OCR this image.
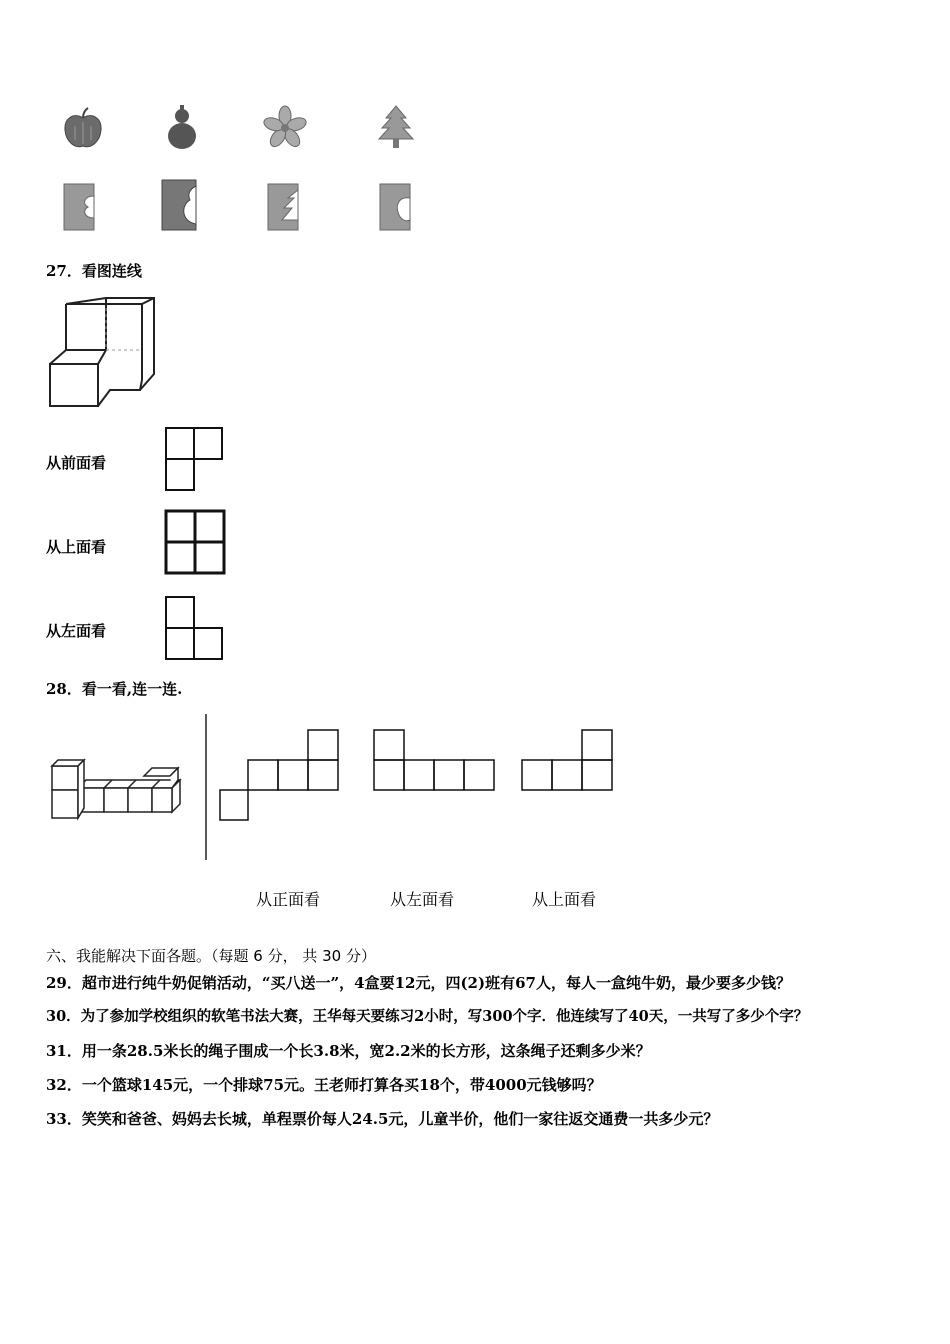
27．看图连线
从前面看
从上面看
从左面看
28．看一看,连一连.
从正面看	从左面看	从上面看
六、我能解决下面各题。（每题 6 分， 共 30 分）
29．超市进行纯牛奶促销活动，“买八送一”，4盒要12元，四(2)班有67人，每人一盒纯牛奶，最少要多少钱？
30．为了参加学校组织的软笔书法大赛，王华每天要练习2小时，写300个字．他连续写了40天，一共写了多少个字？
31．用一条28.5米长的绳子围成一个长3.8米，宽2.2米的长方形，这条绳子还剩多少米？
32．一个篮球145元，一个排球75元。王老师打算各买18个，带4000元钱够吗？
33．笑笑和爸爸、妈妈去长城，单程票价每人24.5元，儿童半价，他们一家往返交通费一共多少元？
